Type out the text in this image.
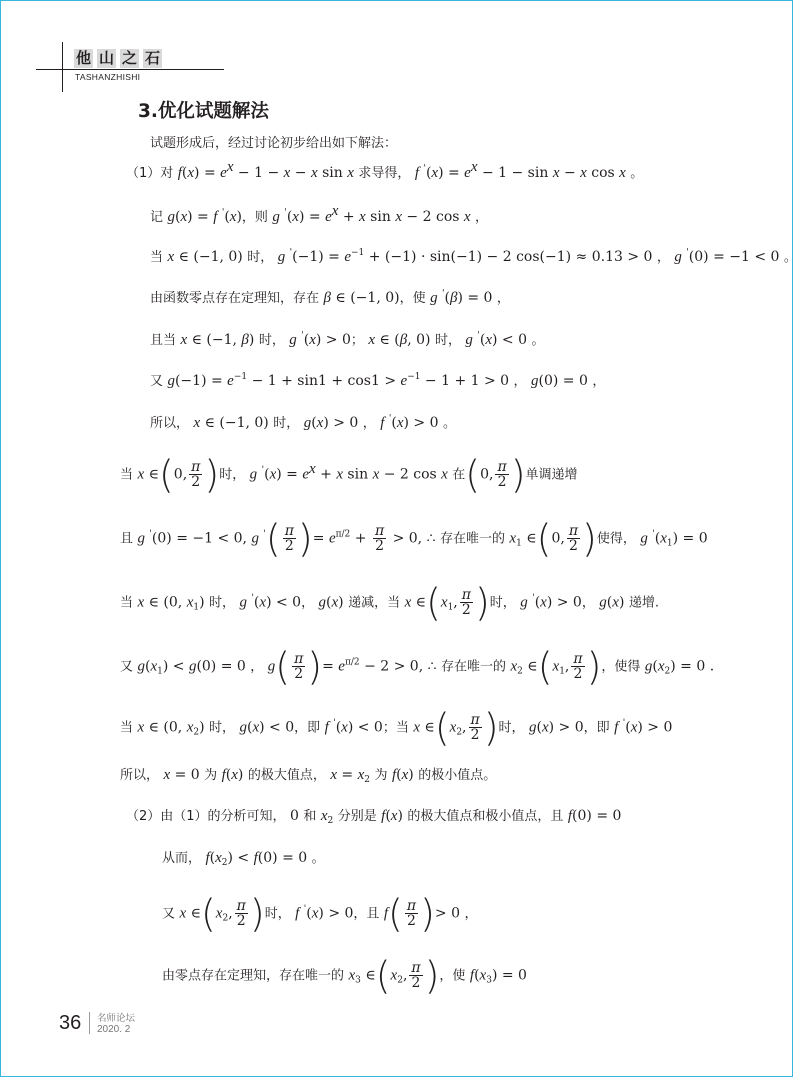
他 山 之 石
TASHANZHISHI
3.优化试题解法
试题形成后，经过讨论初步给出如下解法：
（1）对 $f(x) = e^x - 1 - x - x$ sin x 求导得， f $'(x) = e^x - 1 - \sin x - x$ cos x 。
记 g(x) = f '(x)，则 g $'(x) = e^x + x$ sin x − 2 cos x ，
当 x ∈ (−1, 0) 时， g $'(-1) = e^{-1} + (-1) \cdot \sin(-1) - 2$ cos(−1) ≈ 0.13 > 0 ， g '(0) = −1 < 0 。
由函数零点存在定理知，存在 β ∈ (−1, 0)，使 g '(β) = 0 ，
且当 x ∈ (−1, β) 时， g '(x) > 0； x ∈ (β, 0) 时， g '(x) < 0 。
又 $g(-1) = e^{-1} - 1 + \sin 1 + \cos 1 > e^{-1} - 1 + 1 > 0$ ， g(0) = 0 ，
所以， x ∈ (−1, 0) 时， g(x) > 0 ， f '(x) > 0 。
当 x ∈(0, $\frac{\pi}{2}$ )时， g $'(x) = e^x + x$ sin x − 2 cos x 在(0, $\frac{\pi}{2}$ )单调递增
且 g '(0) = −1 < 0, g $'( \frac{\pi}{2}$ )= $e^{\pi/2} + \frac{\pi}{2} > 0$, ∴ 存在唯一的 $x_1$ ∈(0, $\frac{\pi}{2}$ )使得， g $'(x_1) = 0$
当 x ∈ (0, $x_1$) 时， g '(x) < 0， g(x) 递减，当 x $\in(x_1$, $\frac{\pi}{2}$ )时， g '(x) > 0， g(x) 递增.
又 $g(x_1) < g(0) = 0$ ， $g( \frac{\pi}{2}$ )= $e^{\pi/2} - 2 > 0$, ∴ 存在唯一的 $x_2$ $\in(x_1$, $\frac{\pi}{2}$ )，使得 $g(x_2) = 0$ .
当 x ∈ (0, $x_2$) 时， g(x) < 0，即 f '(x) < 0；当 x $\in(x_2$, $\frac{\pi}{2}$ )时， g(x) > 0，即 f '(x) > 0
所以， x = 0 为 f(x) 的极大值点， $x = x_2$ 为 f(x) 的极小值点。
（2）由（1）的分析可知， 0 和 $x_2$ 分别是 f(x) 的极大值点和极小值点，且 f(0) = 0
从而， $f(x_2) < f(0) = 0$ 。
又 x $\in(x_2$, $\frac{\pi}{2}$ )时， f '(x) > 0，且 $f( \frac{\pi}{2}$ )> 0 ，
由零点存在定理知，存在唯一的 $x_3$ $\in(x_2$, $\frac{\pi}{2}$ )，使 $f(x_3) = 0$
36 名师论坛
2020. 2
